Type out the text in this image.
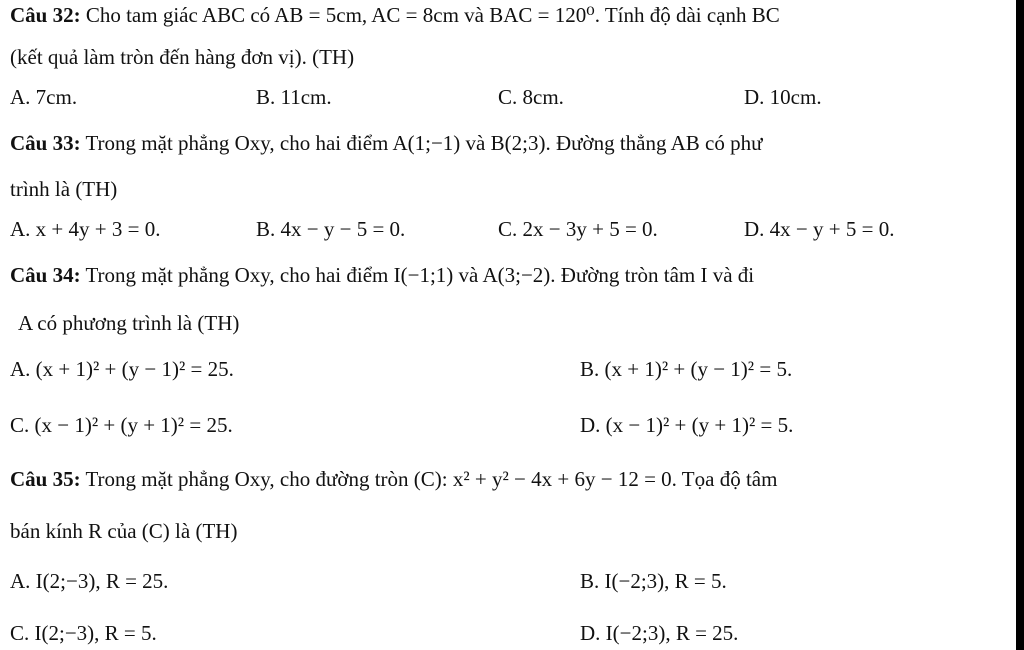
Câu 32: Cho tam giác ABC có AB = 5cm, AC = 8cm và BAC = 120⁰. Tính độ dài cạnh BC
(kết quả làm tròn đến hàng đơn vị). (TH)
A. 7cm.	B. 11cm.	C. 8cm.	D. 10cm.
Câu 33: Trong mặt phẳng Oxy, cho hai điểm A(1;−1) và B(2;3). Đường thẳng AB có phư
trình là (TH)
A. x + 4y + 3 = 0.	B. 4x − y − 5 = 0.	C. 2x − 3y + 5 = 0.	D. 4x − y + 5 = 0.
Câu 34: Trong mặt phẳng Oxy, cho hai điểm I(−1;1) và A(3;−2). Đường tròn tâm I và đi
A có phương trình là (TH)
A. (x + 1)² + (y − 1)² = 25.	B. (x + 1)² + (y − 1)² = 5.
C. (x − 1)² + (y + 1)² = 25.	D. (x − 1)² + (y + 1)² = 5.
Câu 35: Trong mặt phẳng Oxy, cho đường tròn (C): x² + y² − 4x + 6y − 12 = 0. Tọa độ tâm
bán kính R của (C) là (TH)
A. I(2;−3), R = 25.	B. I(−2;3), R = 5.
C. I(2;−3), R = 5.	D. I(−2;3), R = 25.
